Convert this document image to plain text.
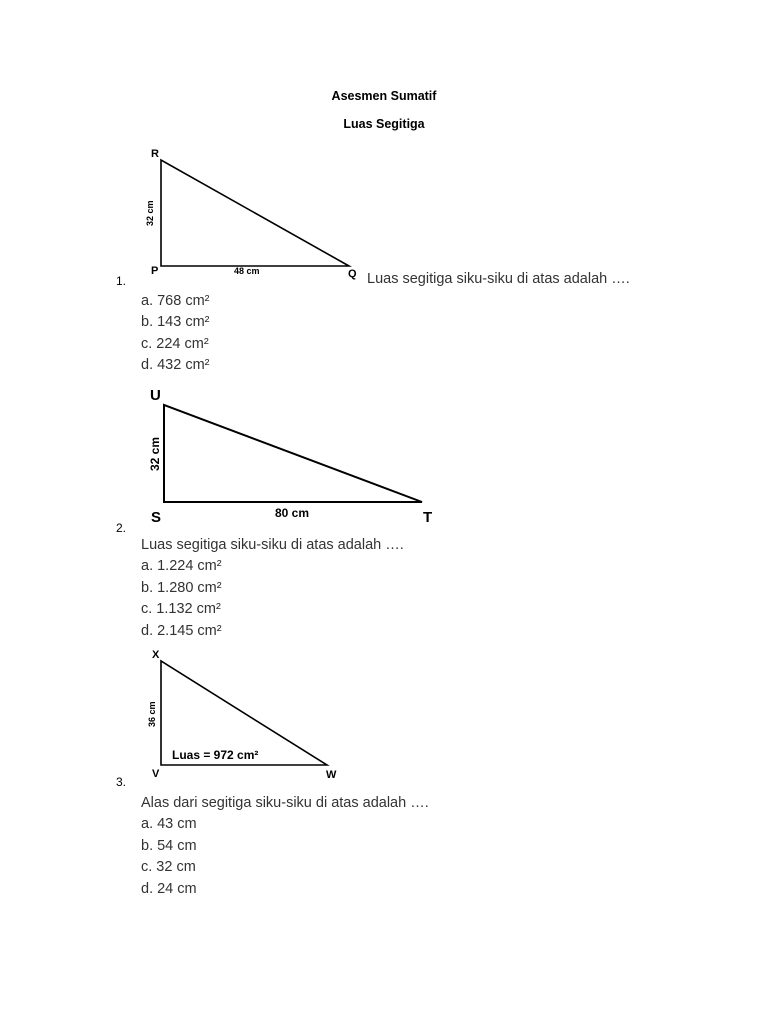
Asesmen Sumatif
Luas Segitiga
R
P	Q
48 cm
32 cm
1.	Luas segitiga siku-siku di atas adalah ….
a. 768 cm²
b. 143 cm²
c. 224 cm²
d. 432 cm²
U
S	T
80 cm
32 cm
2.
Luas segitiga siku-siku di atas adalah ….
a. 1.224 cm²
b. 1.280 cm²
c. 1.132 cm²
d. 2.145 cm²
X
V	W
Luas = 972 cm²
36 cm
3.
Alas dari segitiga siku-siku di atas adalah ….
a. 43 cm
b. 54 cm
c. 32 cm
d. 24 cm
